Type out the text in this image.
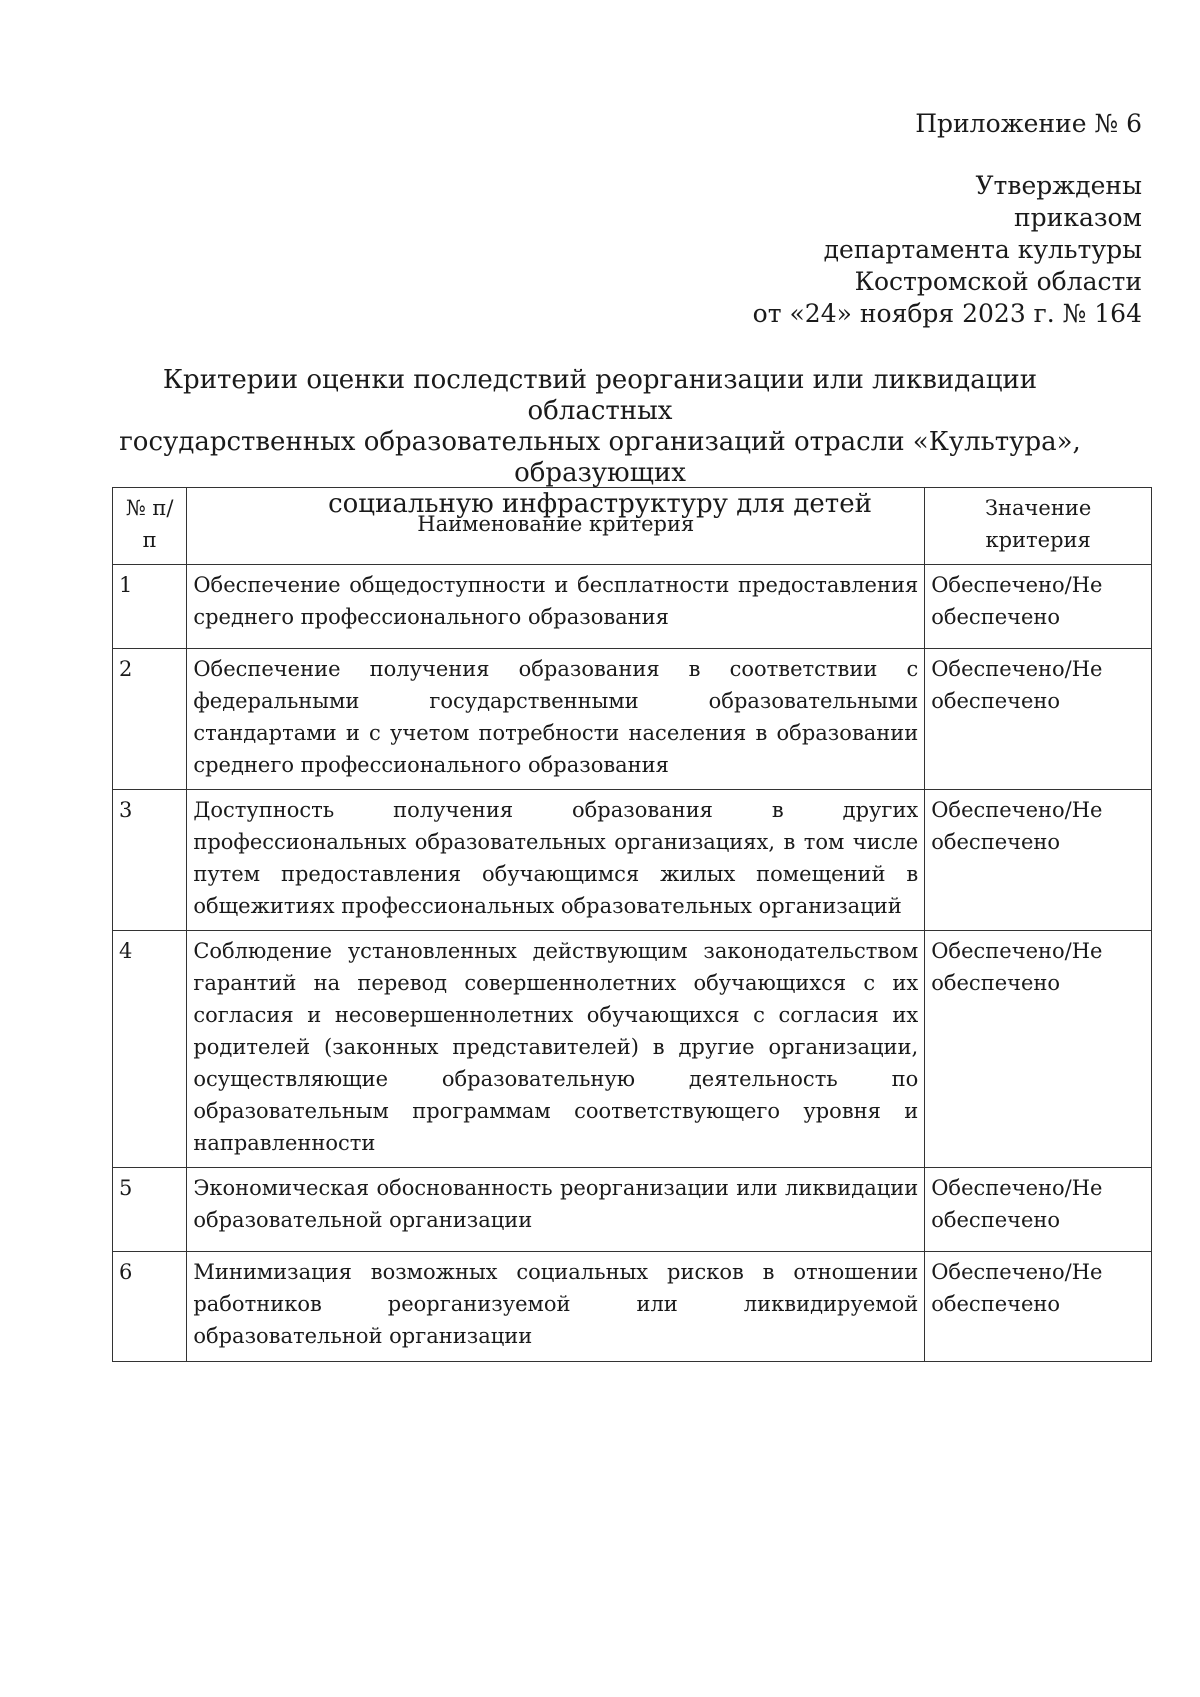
Приложение № 6
Утверждены
приказом
департамента культуры
Костромской области
от «24» ноября 2023 г. № 164
Критерии оценки последствий реорганизации или ликвидации областных
государственных образовательных организаций отрасли «Культура», образующих
социальную инфраструктуру для детей
№ п/п	Наименование критерия	Значение критерия
1	Обеспечение общедоступности и бесплатности предоставления среднего профессионального образования	Обеспечено/Не обеспечено
2	Обеспечение получения образования в соответствии с федеральными государственными образовательными стандартами и с учетом потребности населения в образовании среднего профессионального образования	Обеспечено/Не обеспечено
3	Доступность получения образования в других профессиональных образовательных организациях, в том числе путем предоставления обучающимся жилых помещений в общежитиях профессиональных образовательных организаций	Обеспечено/Не обеспечено
4	Соблюдение установленных действующим законодательством гарантий на перевод совершеннолетних обучающихся с их согласия и несовершеннолетних обучающихся с согласия их родителей (законных представителей) в другие организации, осуществляющие образовательную деятельность по образовательным программам соответствующего уровня и направленности	Обеспечено/Не обеспечено
5	Экономическая обоснованность реорганизации или ликвидации образовательной организации	Обеспечено/Не обеспечено
6	Минимизация возможных социальных рисков в отношении работников реорганизуемой или ликвидируемой образовательной организации	Обеспечено/Не обеспечено
